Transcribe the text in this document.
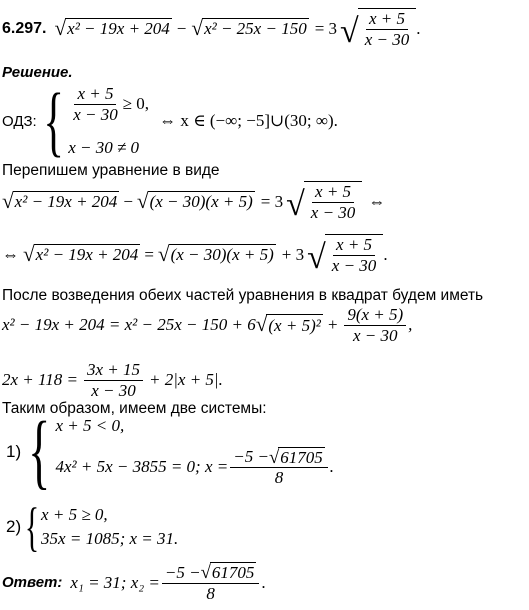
6.297. √ x² − 19x + 204 − √ x² − 25x − 150 = 3 √ x + 5
x − 30
.
Решение.
ОДЗ: { $\frac{x + 5}{x - 30} \ge 0$,
x − 30 ≠ 0
⇔ x ∈ (−∞; −5]∪(30; ∞).
Перепишем уравнение в виде
√ x² − 19x + 204 − √ (x − 30)(x + 5) = 3 √ x + 5
x − 30
⇔
⇔ √ x² − 19x + 204 = √ (x − 30)(x + 5) + 3 √ x + 5
x − 30
.
После возведения обеих частей уравнения в квадрат будем иметь
x² − 19x + 204 = x² − 25x − 150 + 6 √ $(x + 5)^2 + \frac{9(x + 5)}{x - 30}$ ,
$2x + 118 = \frac{3x + 15}{x - 30} + 2|x + 5|$.
Таким образом, имеем две системы:
1) { x + 5 < 0,
4x² + 5x − 3855 = 0; $x = \frac{-5 - √ 61705}{8}$ .
2) { x + 5 ≥ 0,
35x = 1085; x = 31.
Ответ: x₁ = 31; $x_2 = \frac{-5 - √ 61705}{8}$ .
